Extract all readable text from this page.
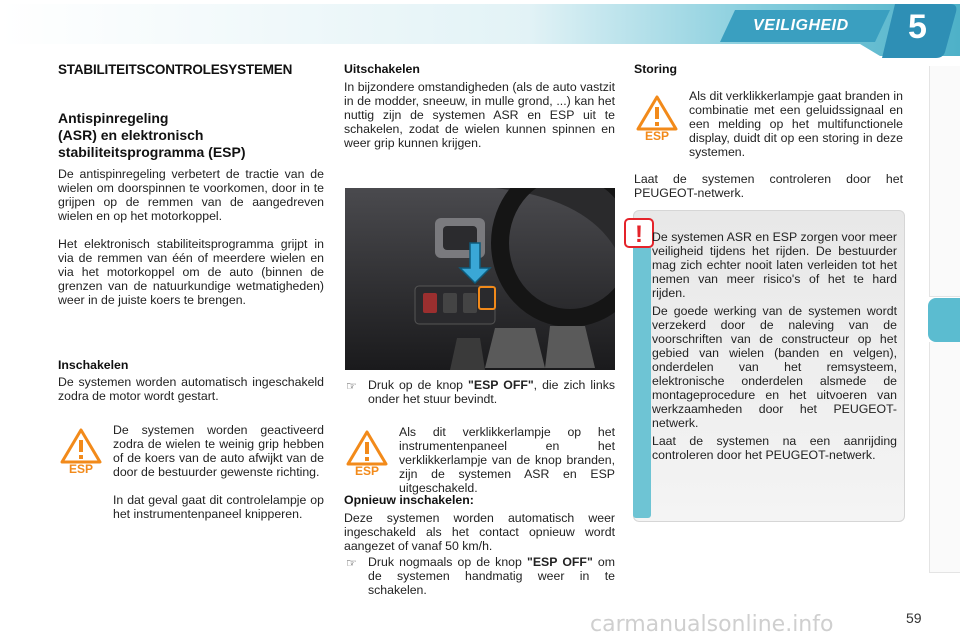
VEILIGHEID 5
STABILITEITSCONTROLESYSTEMEN
Antispinregeling
(ASR) en elektronisch
stabiliteitsprogramma (ESP)
De antispinregeling verbetert de tractie van de wielen om doorspinnen te voorkomen, door in te grijpen op de remmen van de aangedreven wielen en op het motorkoppel.
Het elektronisch stabiliteitsprogramma grijpt in via de remmen van één of meerdere wielen en via het motorkoppel om de auto (binnen de grenzen van de natuurkundige wetmatigheden) weer in de juiste koers te brengen.
Inschakelen
De systemen worden automatisch ingeschakeld zodra de motor wordt gestart.
ESP
De systemen worden geactiveerd zodra de wielen te weinig grip hebben of de koers van de auto afwijkt van de door de bestuurder gewenste richting.
In dat geval gaat dit controlelampje op het instrumentenpaneel knipperen.
Uitschakelen
In bijzondere omstandigheden (als de auto vastzit in de modder, sneeuw, in mulle grond, ...) kan het nuttig zijn de systemen ASR en ESP uit te schakelen, zodat de wielen kunnen spinnen en weer grip kunnen krijgen.
☞ Druk op de knop "ESP OFF", die zich links onder het stuur bevindt.
ESP
Als dit verklikkerlampje op het instrumentenpaneel en het verklikkerlampje van de knop branden, zijn de systemen ASR en ESP uitgeschakeld.
Opnieuw inschakelen:
Deze systemen worden automatisch weer ingeschakeld als het contact opnieuw wordt aangezet of vanaf 50 km/h.
☞ Druk nogmaals op de knop "ESP OFF" om de systemen handmatig weer in te schakelen.
Storing
ESP
Als dit verklikkerlampje gaat branden in combinatie met een geluidssignaal en een melding op het multifunctionele display, duidt dit op een storing in deze systemen.
Laat de systemen controleren door het PEUGEOT-netwerk.
! De systemen ASR en ESP zorgen voor meer veiligheid tijdens het rijden. De bestuurder mag zich echter nooit laten verleiden tot het nemen van meer risico's of het te hard rijden.
De goede werking van de systemen wordt verzekerd door de naleving van de voorschriften van de constructeur op het gebied van wielen (banden en velgen), onderdelen van het remsysteem, elektronische onderdelen alsmede de montageprocedure en het uitvoeren van werkzaamheden door het PEUGEOT-netwerk.
Laat de systemen na een aanrijding controleren door het PEUGEOT-netwerk.
carmanualsonline.info	59
